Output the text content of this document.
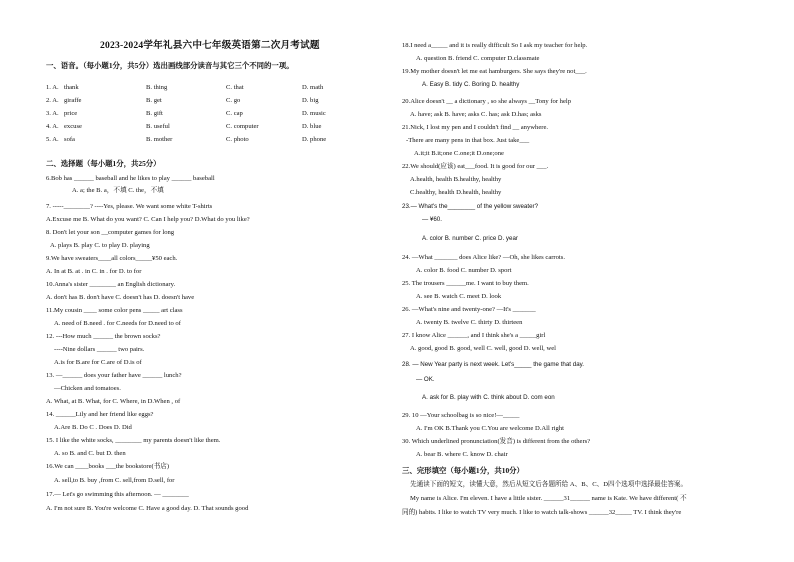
2023-2024学年礼县六中七年级英语第二次月考试题
一、语音。（每小题1分，共5分）选出画线部分读音与其它三个不同的一项。
1. A. thank	B. thing	C. that	D. math
2. A. giraffe	B. get	C. go	D. big
3. A. price	B. gift	C. cap	D. music
4. A. excuse	B. useful	C. computer	D. blue
5. A. sofa	B. mother	C. photo	D. phone
二、选择题（每小题1分，共25分）
6.Bob has ______ baseball and he likes to play ______ baseball
A. a; the B. a，不填 C. the，不填
7. -----________? ----Yes, please. We want some white T-shirts
A.Excuse me B. What do you want? C. Can I help you? D.What do you like?
8. Don't let your son __computer games for long
A. plays B. play C. to play D. playing
9.We have sweaters____all colors_____¥50 each.
A. In at B. at . in C. in . for D. to for
10.Anna's sister ________ an English dictionary.
A. don't has B. don't have C. doesn't has D. doesn't have
11.My cousin ____ some color pens _____ art class
A. need of B.need . for C.needs for D.need to of
12. ---How much ______ the brown socks?
----Nine dollars ______ two pairs.
A.is for B.are for C.are of D.is of
13. —______ does your father have ______ lunch?
—Chicken and tomatoes.
A. What, at B. What, for C. Where, in D.When , of
14. ______Lily and her friend like eggs?
A.Are B. Do C . Does D. Did
15. I like the white socks, ________ my parents doesn't like them.
A. so B. and C. but D. then
16.We can ____books ___the bookstore(书店)
A. sell,to B. buy ,from C. sell,from D.sell, for
17.— Let's go swimming this afternoon. — ________
A. I'm not sure B. You're welcome C. Have a good day. D. That sounds good
18.I need a_____ and it is really difficult So I ask my teacher for help.
A. question B. friend C. computer D.classmate
19.My mother doesn't let me eat hamburgers. She says they're not___.
A. Easy B. tidy C. Boring D. healthy
20.Alice doesn't __ a dictionary , so she always __Tony for help
A. have; ask B. have; asks C. has; ask D.has; asks
21.Nick, I lost my pen and I couldn't find __ anywhere.
-There are many pens in that box. Just take___
A.it;it B.it;one C.one;it D.one;one
22.We should(应该) eat___food. It is good for our ___.
A.health, health B.healthy, healthy
C.healthy, health D.health, healthy
23.— What's the________ of the yellow sweater?
— ¥60.
A. color B. number C. price D. year
24. —What _______ does Alice like? —Oh, she likes carrots.
A. color B. food C. number D. sport
25. The trousers ______me. I want to buy them.
A. see B. watch C. meet D. look
26. —What's nine and twenty-one? —It's _______
A. twenty B. twelve C. thirty D. thirteen
27. I know Alice ______, and I think she's a _____girl
A. good, good B. good, well C. well, good D. well, wel
28. — New Year party is next week. Let's_____ the game that day.
— OK.
A. ask for B. play with C. think about D. com eon
29. 10 —Your schoolbag is so nice!—_____
A. I'm OK B.Thank you C.You are welcome D.All right
30. Which underlined pronunciation(发音) is different from the others?
A. bear B. where C. know D. chair
三、完形填空（每小题1分，共10分）
先通读下面的短文，读懂大意，然后从短文后各题所给 A、B、C、D四个选项中选择最佳答案。
My name is Alice. I'm eleven. I have a little sister. ______31______ name is Kate. We have different( 不
同的) habits. I like to watch TV very much. I like to watch talk-shows ______32_____ TV. I think they're
